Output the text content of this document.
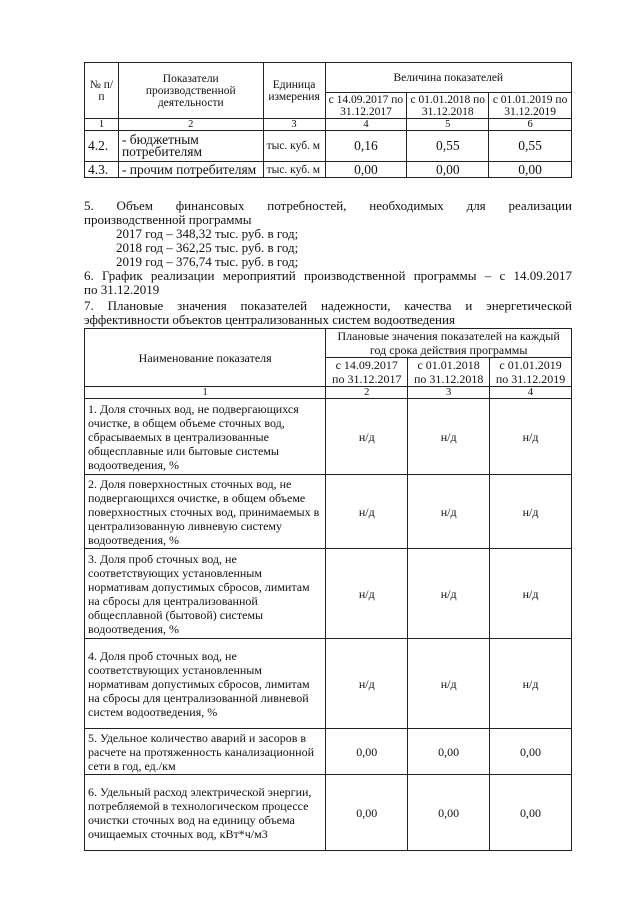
№ п/п	Показатели производственной деятельности	Единица измерения	Величина показателей		
			с 14.09.2017 по 31.12.2017	с 01.01.2018 по 31.12.2018	с 01.01.2019 по 31.12.2019
1	2	3	4	5	6
4.2.	- бюджетным потребителям	тыс. куб. м	0,16	0,55	0,55
4.3.	- прочим потребителям	тыс. куб. м	0,00	0,00	0,00

5. Объем финансовых потребностей, необходимых для реализации

производственной программы

2017 год – 348,32 тыс. руб. в год;

2018 год – 362,25 тыс. руб. в год;

2019 год – 376,74 тыс. руб. в год;

6. График реализации мероприятий производственной программы – с 14.09.2017

по 31.12.2019

7. Плановые значения показателей надежности, качества и энергетической

эффективности объектов централизованных систем водоотведения

Наименование показателя	Плановые значения показателей на каждый год срока действия программы		
	с 14.09.2017 по 31.12.2017	с 01.01.2018 по 31.12.2018	с 01.01.2019 по 31.12.2019
1	2	3	4
1. Доля сточных вод, не подвергающихся очистке, в общем объеме сточных вод, сбрасываемых в централизованные общесплавные или бытовые системы водоотведения, %	н/д	н/д	н/д
2. Доля поверхностных сточных вод, не подвергающихся очистке, в общем объеме поверхностных сточных вод, принимаемых в централизованную ливневую систему водоотведения, %	н/д	н/д	н/д
3. Доля проб сточных вод, не соответствующих установленным нормативам допустимых сбросов, лимитам на сбросы для централизованной общесплавной (бытовой) системы водоотведения, %	н/д	н/д	н/д
4. Доля проб сточных вод, не соответствующих установленным нормативам допустимых сбросов, лимитам на сбросы для централизованной ливневой систем водоотведения, %	н/д	н/д	н/д
5. Удельное количество аварий и засоров в расчете на протяженность канализационной сети в год, ед./км	0,00	0,00	0,00
6. Удельный расход электрической энергии, потребляемой в технологическом процессе очистки сточных вод на единицу объема очищаемых сточных вод, кВт*ч/м3	0,00	0,00	0,00
